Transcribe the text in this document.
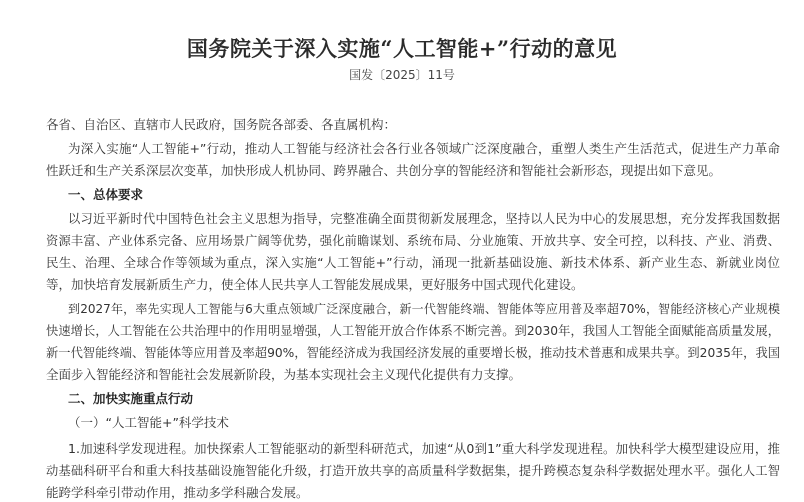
国务院关于深入实施“人工智能+”行动的意见
国发〔2025〕11号
各省、自治区、直辖市人民政府，国务院各部委、各直属机构：
为深入实施“人工智能+”行动，推动人工智能与经济社会各行业各领域广泛深度融合，重塑人类生产生活范式，促进生产力革命
性跃迁和生产关系深层次变革，加快形成人机协同、跨界融合、共创分享的智能经济和智能社会新形态，现提出如下意见。
一、总体要求
以习近平新时代中国特色社会主义思想为指导，完整准确全面贯彻新发展理念，坚持以人民为中心的发展思想，充分发挥我国数据
资源丰富、产业体系完备、应用场景广阔等优势，强化前瞻谋划、系统布局、分业施策、开放共享、安全可控，以科技、产业、消费、
民生、治理、全球合作等领域为重点，深入实施“人工智能+”行动，涌现一批新基础设施、新技术体系、新产业生态、新就业岗位
等，加快培育发展新质生产力，使全体人民共享人工智能发展成果，更好服务中国式现代化建设。
到2027年，率先实现人工智能与6大重点领域广泛深度融合，新一代智能终端、智能体等应用普及率超70%，智能经济核心产业规模
快速增长，人工智能在公共治理中的作用明显增强，人工智能开放合作体系不断完善。到2030年，我国人工智能全面赋能高质量发展，
新一代智能终端、智能体等应用普及率超90%，智能经济成为我国经济发展的重要增长极，推动技术普惠和成果共享。到2035年，我国
全面步入智能经济和智能社会发展新阶段，为基本实现社会主义现代化提供有力支撑。
二、加快实施重点行动
（一）“人工智能+”科学技术
1.加速科学发现进程。加快探索人工智能驱动的新型科研范式，加速“从0到1”重大科学发现进程。加快科学大模型建设应用，推
动基础科研平台和重大科技基础设施智能化升级，打造开放共享的高质量科学数据集，提升跨模态复杂科学数据处理水平。强化人工智
能跨学科牵引带动作用，推动多学科融合发展。
